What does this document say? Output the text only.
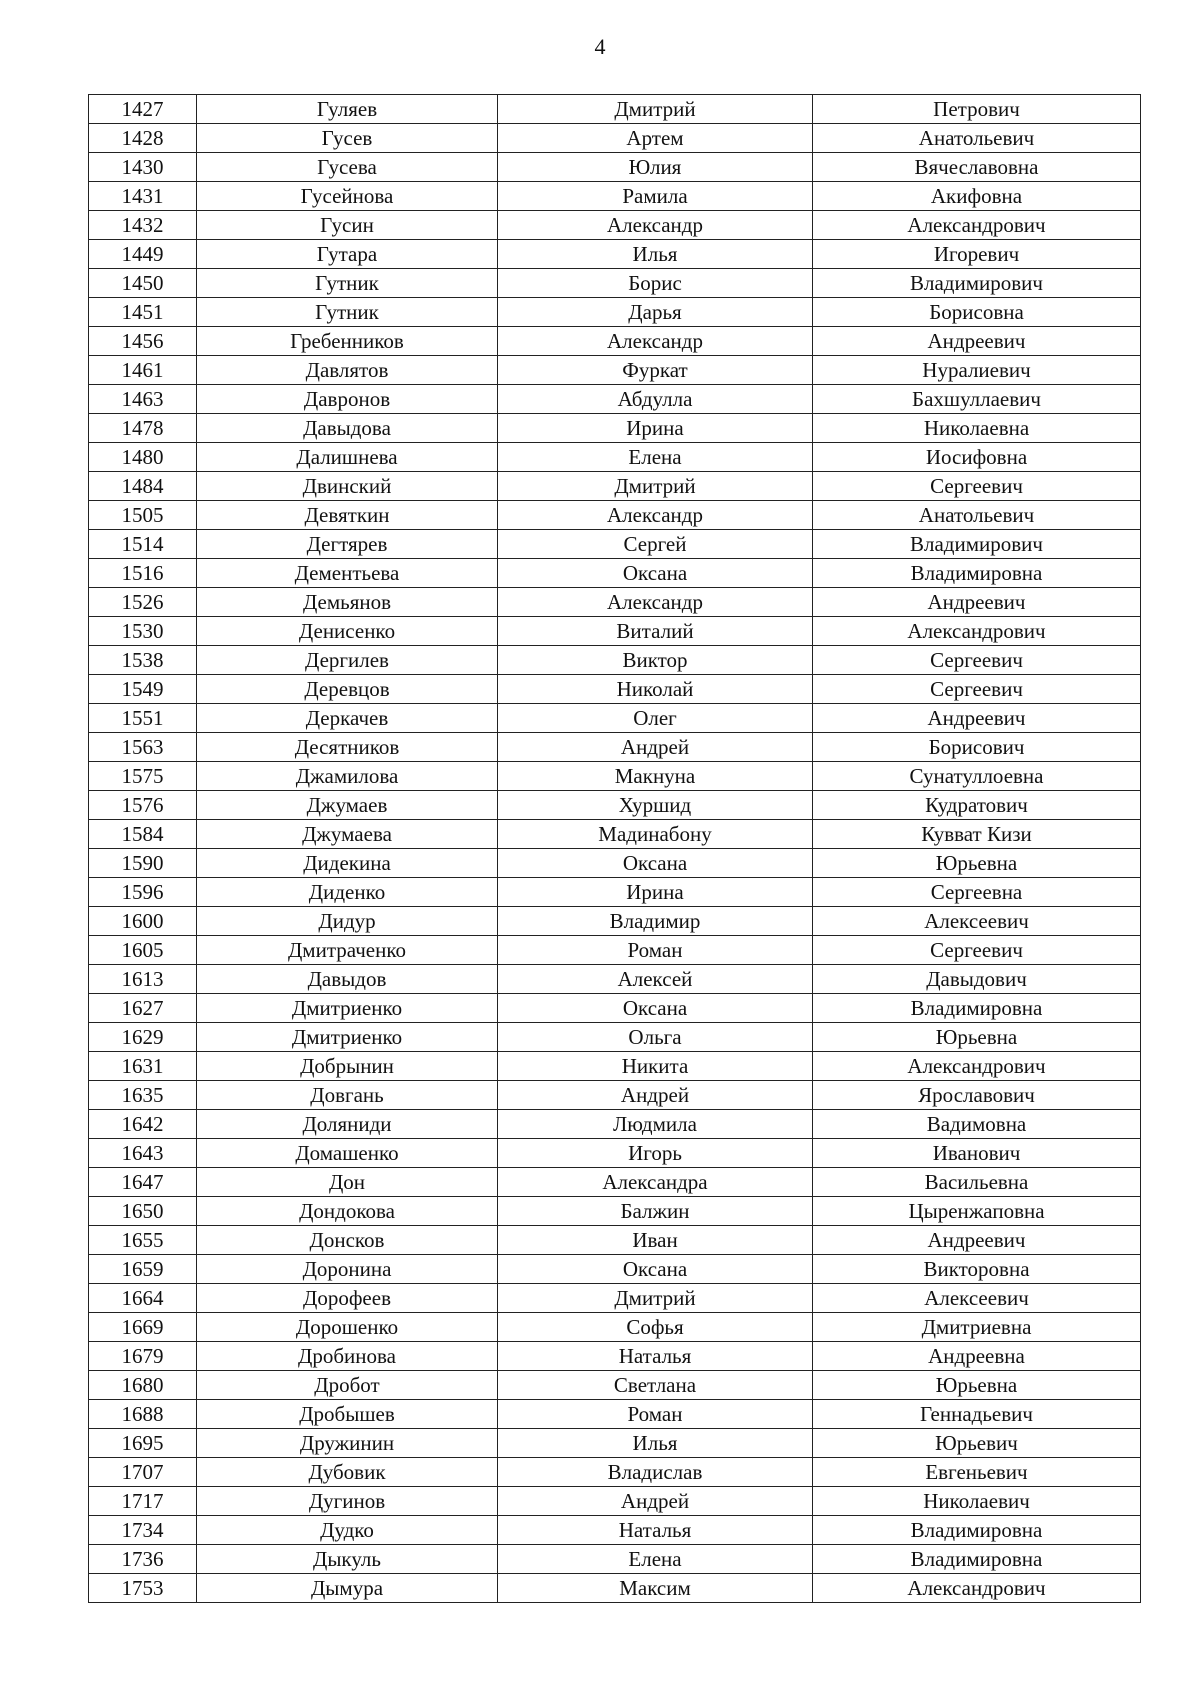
4
1427	Гуляев	Дмитрий	Петрович
1428	Гусев	Артем	Анатольевич
1430	Гусева	Юлия	Вячеславовна
1431	Гусейнова	Рамила	Акифовна
1432	Гусин	Александр	Александрович
1449	Гутара	Илья	Игоревич
1450	Гутник	Борис	Владимирович
1451	Гутник	Дарья	Борисовна
1456	Гребенников	Александр	Андреевич
1461	Давлятов	Фуркат	Нуралиевич
1463	Давронов	Абдулла	Бахшуллаевич
1478	Давыдова	Ирина	Николаевна
1480	Далишнева	Елена	Иосифовна
1484	Двинский	Дмитрий	Сергеевич
1505	Девяткин	Александр	Анатольевич
1514	Дегтярев	Сергей	Владимирович
1516	Дементьева	Оксана	Владимировна
1526	Демьянов	Александр	Андреевич
1530	Денисенко	Виталий	Александрович
1538	Дергилев	Виктор	Сергеевич
1549	Деревцов	Николай	Сергеевич
1551	Деркачев	Олег	Андреевич
1563	Десятников	Андрей	Борисович
1575	Джамилова	Макнуна	Сунатуллоевна
1576	Джумаев	Хуршид	Кудратович
1584	Джумаева	Мадинабону	Кувват Кизи
1590	Дидекина	Оксана	Юрьевна
1596	Диденко	Ирина	Сергеевна
1600	Дидур	Владимир	Алексеевич
1605	Дмитраченко	Роман	Сергеевич
1613	Давыдов	Алексей	Давыдович
1627	Дмитриенко	Оксана	Владимировна
1629	Дмитриенко	Ольга	Юрьевна
1631	Добрынин	Никита	Александрович
1635	Довгань	Андрей	Ярославович
1642	Доляниди	Людмила	Вадимовна
1643	Домашенко	Игорь	Иванович
1647	Дон	Александра	Васильевна
1650	Дондокова	Балжин	Цыренжаповна
1655	Донсков	Иван	Андреевич
1659	Доронина	Оксана	Викторовна
1664	Дорофеев	Дмитрий	Алексеевич
1669	Дорошенко	Софья	Дмитриевна
1679	Дробинова	Наталья	Андреевна
1680	Дробот	Светлана	Юрьевна
1688	Дробышев	Роман	Геннадьевич
1695	Дружинин	Илья	Юрьевич
1707	Дубовик	Владислав	Евгеньевич
1717	Дугинов	Андрей	Николаевич
1734	Дудко	Наталья	Владимировна
1736	Дыкуль	Елена	Владимировна
1753	Дымура	Максим	Александрович
